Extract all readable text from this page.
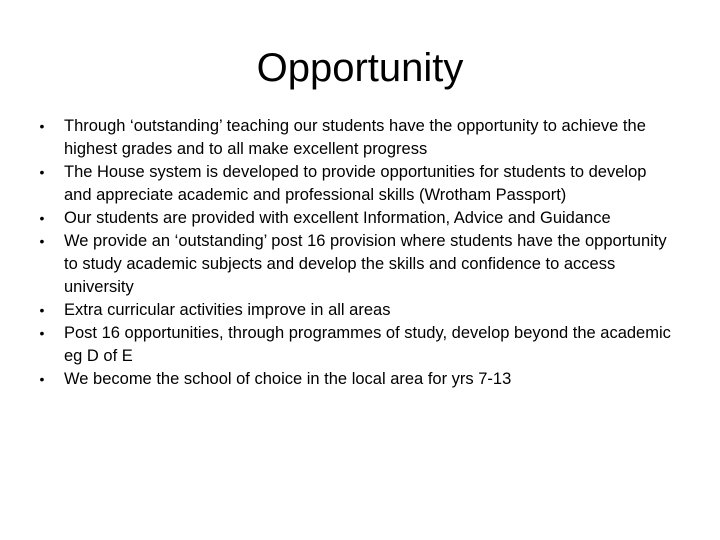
Opportunity
• Through ‘outstanding’ teaching our students have the opportunity to achieve the highest grades and to all make excellent progress
• The House system is developed to provide opportunities for students to develop and appreciate academic and professional skills (Wrotham Passport)
• Our students are provided with excellent Information, Advice and Guidance
• We provide an ‘outstanding’ post 16 provision where students have the opportunity to study academic subjects and develop the skills and confidence to access university
• Extra curricular activities improve in all areas
• Post 16 opportunities, through programmes of study, develop beyond the academic eg D of E
• We become the school of choice in the local area for yrs 7-13
